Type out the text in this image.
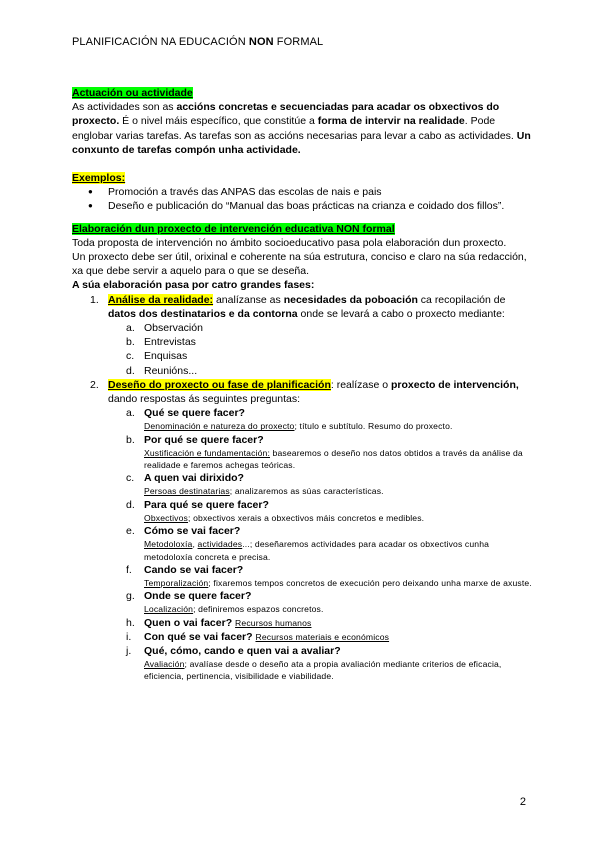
PLANIFICACIÓN NA EDUCACIÓN NON FORMAL

Actuación ou actividade

As actividades son as accións concretas e secuenciadas para acadar os obxectivos do proxecto. É o nivel máis específico, que constitúe a forma de intervir na realidade. Pode englobar varias tarefas. As tarefas son as accións necesarias para levar a cabo as actividades. Un conxunto de tarefas compón unha actividade.

Exemplos:

● Promoción a través das ANPAS das escolas de nais e pais
● Deseño e publicación do “Manual das boas prácticas na crianza e coidado dos fillos”.

Elaboración dun proxecto de intervención educativa NON formal

Toda proposta de intervención no ámbito socioeducativo pasa pola elaboración dun proxecto.

Un proxecto debe ser útil, orixinal e coherente na súa estrutura, conciso e claro na súa redacción, xa que debe servir a aquelo para o que se deseña.

A súa elaboración pasa por catro grandes fases:

1. Análise da realidade: analízanse as necesidades da poboación ca recopilación de datos dos destinatarios e da contorna onde se levará a cabo o proxecto mediante:
a. Observación
b. Entrevistas
c. Enquisas
d. Reunións...
2. Deseño do proxecto ou fase de planificación: realízase o proxecto de intervención, dando respostas ás seguintes preguntas:
a. Qué se quere facer?
Denominación e natureza do proxecto; título e subtítulo. Resumo do proxecto.
b. Por qué se quere facer?
Xustificación e fundamentación: basearemos o deseño nos datos obtidos a través da análise da realidade e faremos achegas teóricas.
c. A quen vai dirixido?
Persoas destinatarias; analizaremos as súas características.
d. Para qué se quere facer?
Obxectivos; obxectivos xerais a obxectivos máis concretos e medibles.
e. Cómo se vai facer?
Metodoloxía, actividades...; deseñaremos actividades para acadar os obxectivos cunha metodoloxía concreta e precisa.
f. Cando se vai facer?
Temporalización; fixaremos tempos concretos de execución pero deixando unha marxe de axuste.
g. Onde se quere facer?
Localización; definiremos espazos concretos.
h. Quen o vai facer? Recursos humanos
i. Con qué se vai facer? Recursos materiais e económicos
j. Qué, cómo, cando e quen vai a avaliar?
Avaliación; avalíase desde o deseño ata a propia avaliación mediante criterios de eficacia, eficiencia, pertinencia, visibilidade e viabilidade.
2
